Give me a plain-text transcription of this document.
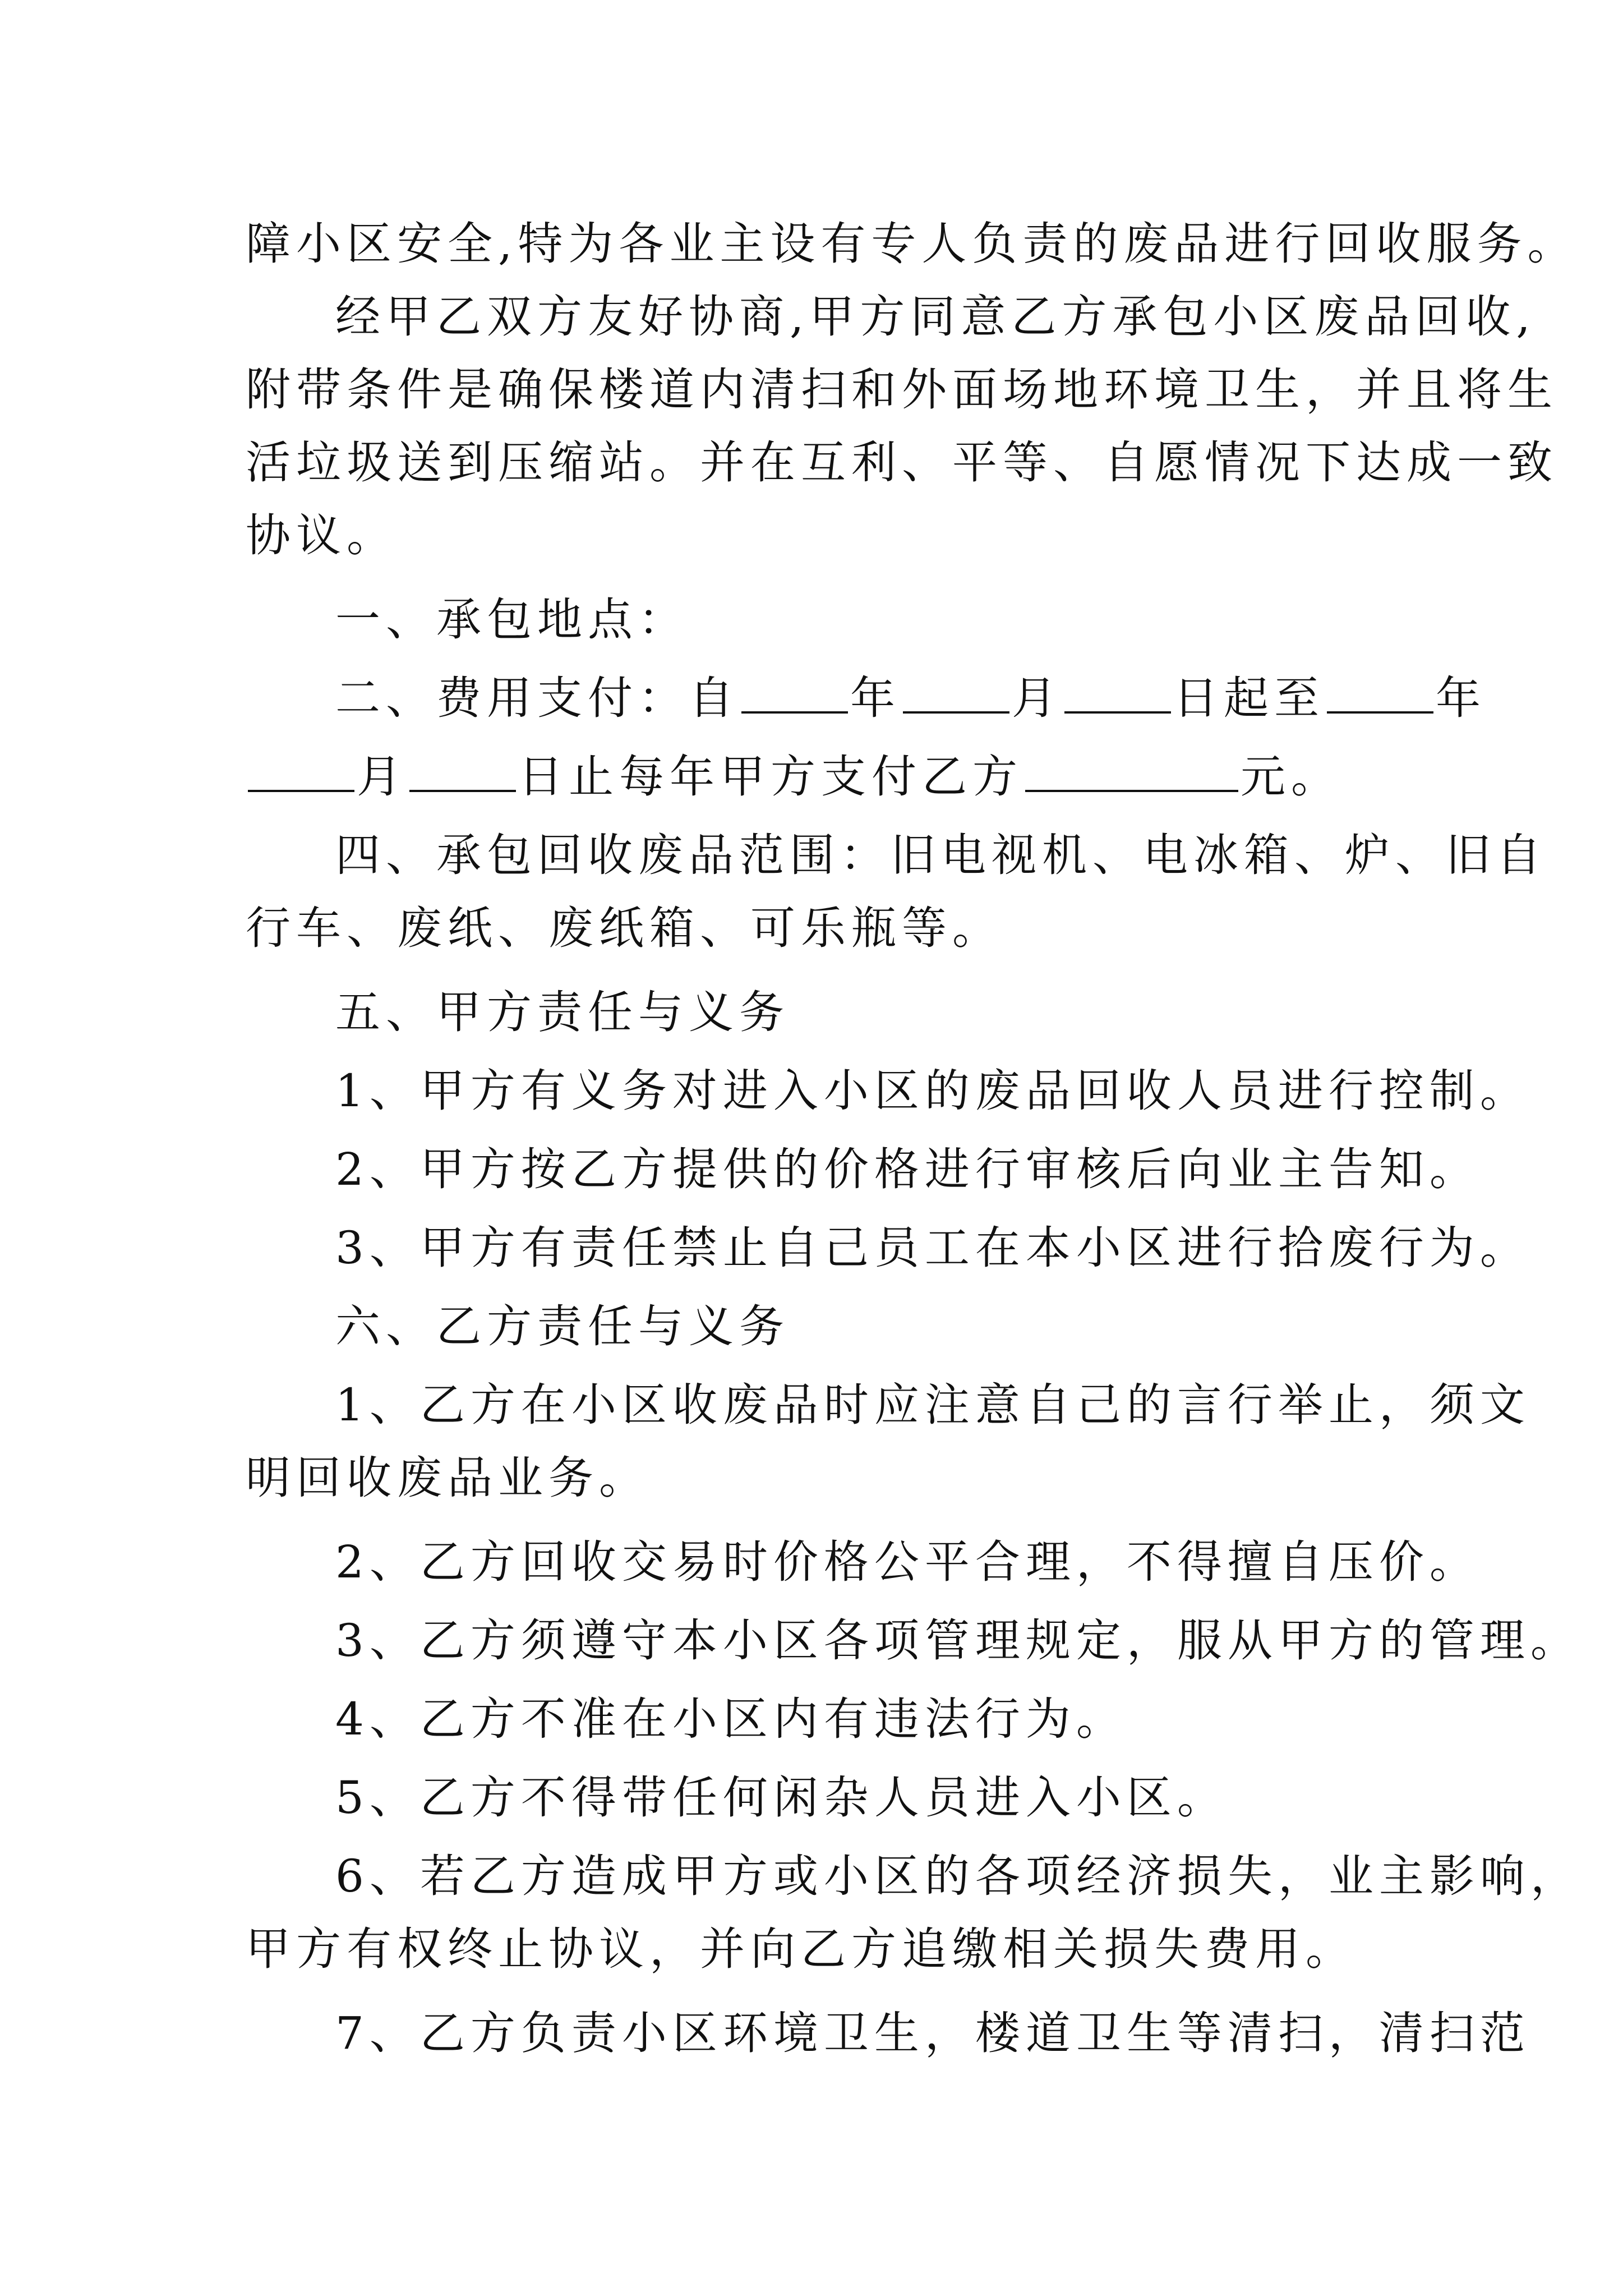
障小区安全,特为各业主设有专人负责的废品进行回收服务。
经甲乙双方友好协商,甲方同意乙方承包小区废品回收,
附带条件是确保楼道内清扫和外面场地环境卫生，并且将生
活垃圾送到压缩站。并在互利、平等、自愿情况下达成一致
协议。
一、承包地点：
二、费用支付：自 年 月 日起至 年
月 日止每年甲方支付乙方	元。
四、承包回收废品范围：旧电视机、电冰箱、炉、旧自
行车、废纸、废纸箱、可乐瓶等。
五、甲方责任与义务
1、甲方有义务对进入小区的废品回收人员进行控制。
2、甲方按乙方提供的价格进行审核后向业主告知。
3、甲方有责任禁止自己员工在本小区进行拾废行为。
六、乙方责任与义务
1、乙方在小区收废品时应注意自己的言行举止，须文
明回收废品业务。
2、乙方回收交易时价格公平合理，不得擅自压价。
3、乙方须遵守本小区各项管理规定，服从甲方的管理。
4、乙方不准在小区内有违法行为。
5、乙方不得带任何闲杂人员进入小区。
6、若乙方造成甲方或小区的各项经济损失，业主影响，
甲方有权终止协议，并向乙方追缴相关损失费用。
7、乙方负责小区环境卫生，楼道卫生等清扫，清扫范
